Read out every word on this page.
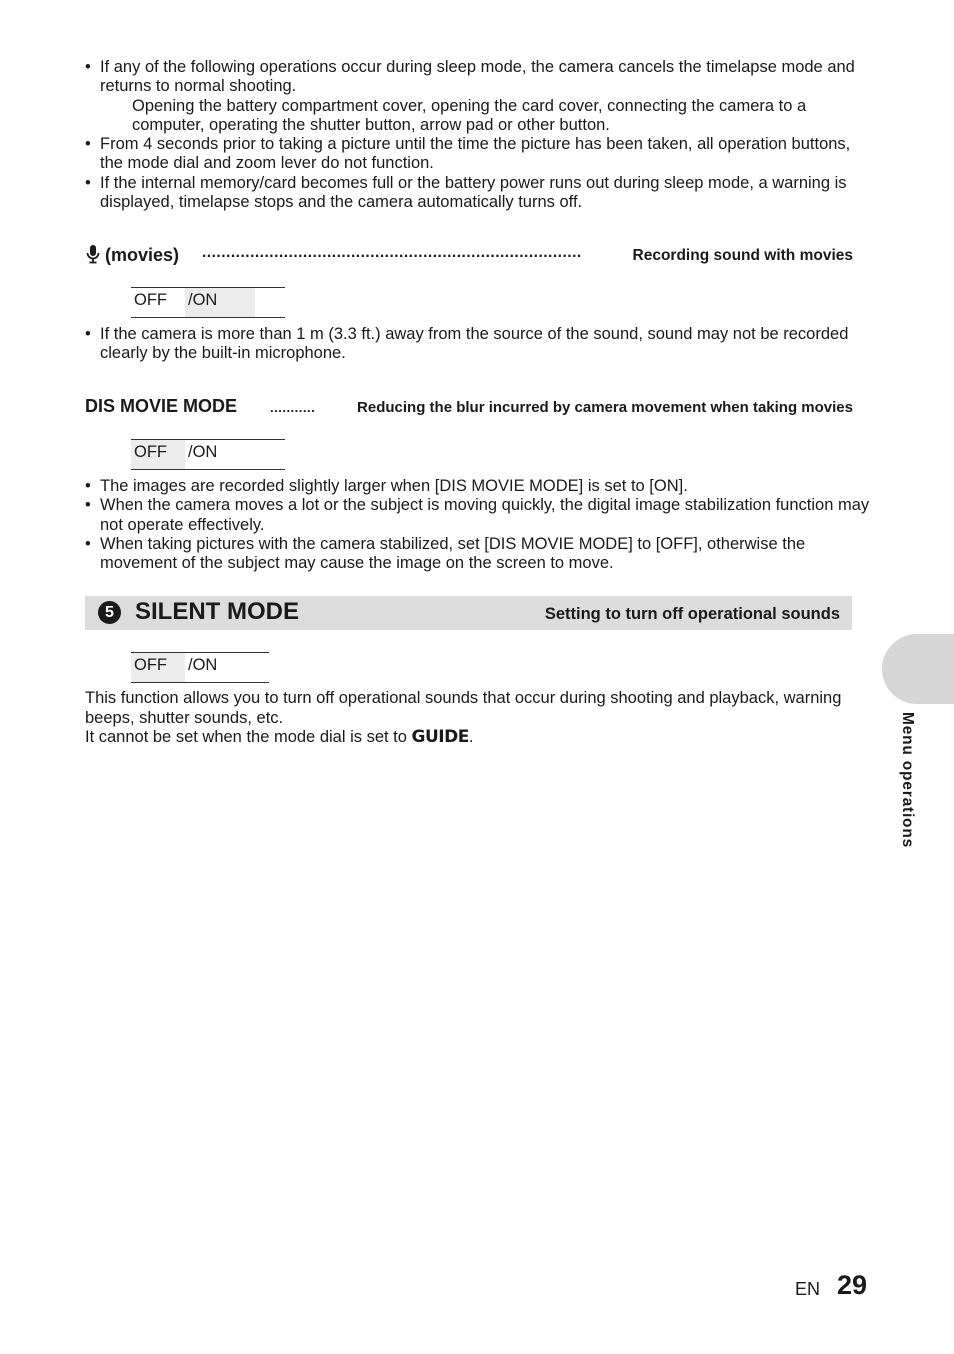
• If any of the following operations occur during sleep mode, the camera cancels the timelapse mode and returns to normal shooting.
Opening the battery compartment cover, opening the card cover, connecting the camera to a computer, operating the shutter button, arrow pad or other button.
• From 4 seconds prior to taking a picture until the time the picture has been taken, all operation buttons, the mode dial and zoom lever do not function.
• If the internal memory/card becomes full or the battery power runs out during sleep mode, a warning is displayed, timelapse stops and the camera automatically turns off.
(movies) ...............................................................................	Recording sound with movies
OFF	/ON
• If the camera is more than 1 m (3.3 ft.) away from the source of the sound, sound may not be recorded clearly by the built-in microphone.
DIS MOVIE MODE	...........	Reducing the blur incurred by camera movement when taking movies
OFF	/ON
• The images are recorded slightly larger when [DIS MOVIE MODE] is set to [ON].
• When the camera moves a lot or the subject is moving quickly, the digital image stabilization function may not operate effectively.
• When taking pictures with the camera stabilized, set [DIS MOVIE MODE] to [OFF], otherwise the movement of the subject may cause the image on the screen to move.
5 SILENT MODE	Setting to turn off operational sounds
OFF	/ON
This function allows you to turn off operational sounds that occur during shooting and playback, warning beeps, shutter sounds, etc.
It cannot be set when the mode dial is set to GUIDE.	Menu operations
EN 29
